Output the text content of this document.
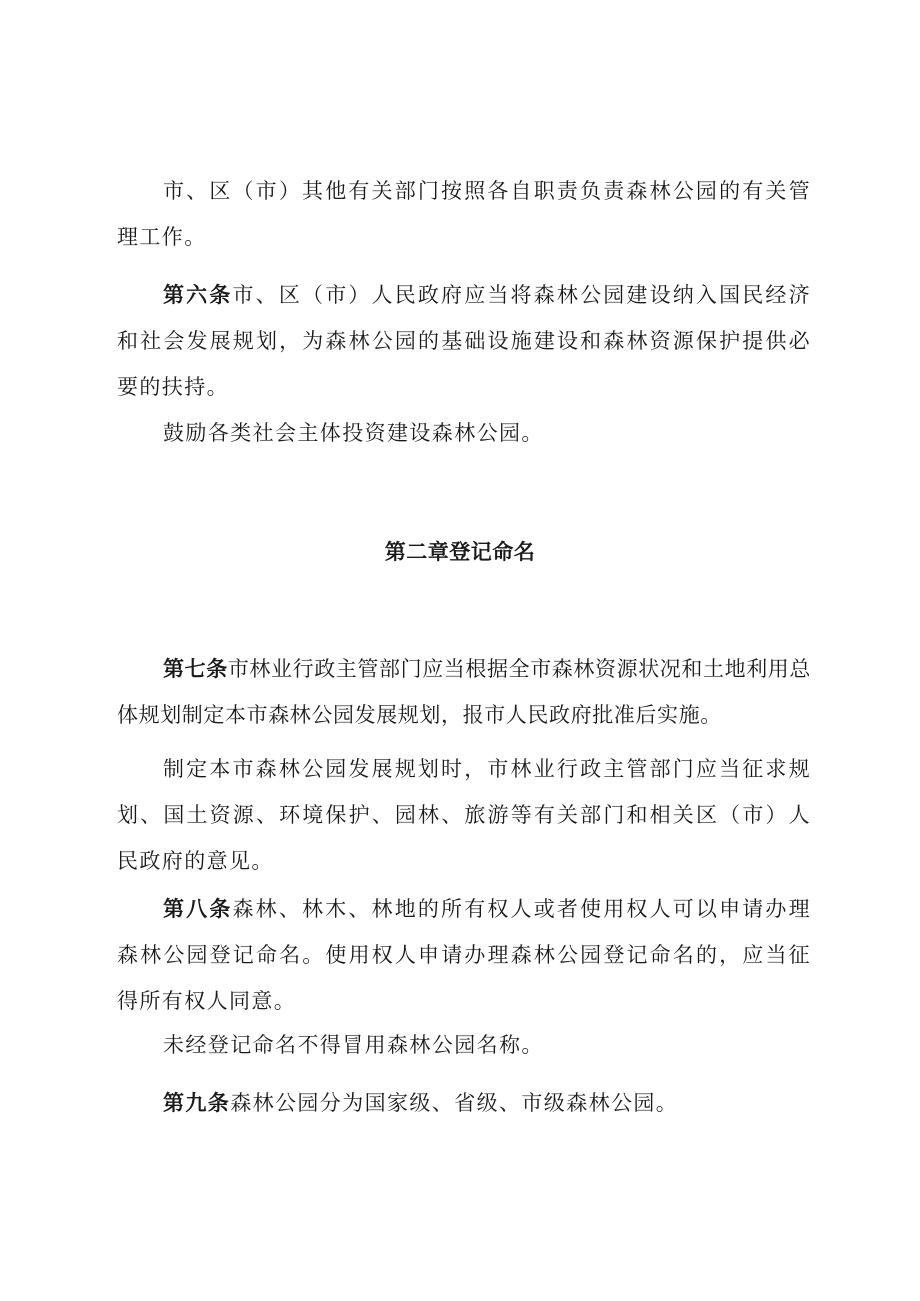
市、区（市）其他有关部门按照各自职责负责森林公园的有关管理工作。

第六条市、区（市）人民政府应当将森林公园建设纳入国民经济和社会发展规划，为森林公园的基础设施建设和森林资源保护提供必要的扶持。

鼓励各类社会主体投资建设森林公园。

第二章登记命名

第七条市林业行政主管部门应当根据全市森林资源状况和土地利用总体规划制定本市森林公园发展规划，报市人民政府批准后实施。

制定本市森林公园发展规划时，市林业行政主管部门应当征求规划、国土资源、环境保护、园林、旅游等有关部门和相关区（市）人民政府的意见。

第八条森林、林木、林地的所有权人或者使用权人可以申请办理森林公园登记命名。使用权人申请办理森林公园登记命名的，应当征得所有权人同意。

未经登记命名不得冒用森林公园名称。

第九条森林公园分为国家级、省级、市级森林公园。
